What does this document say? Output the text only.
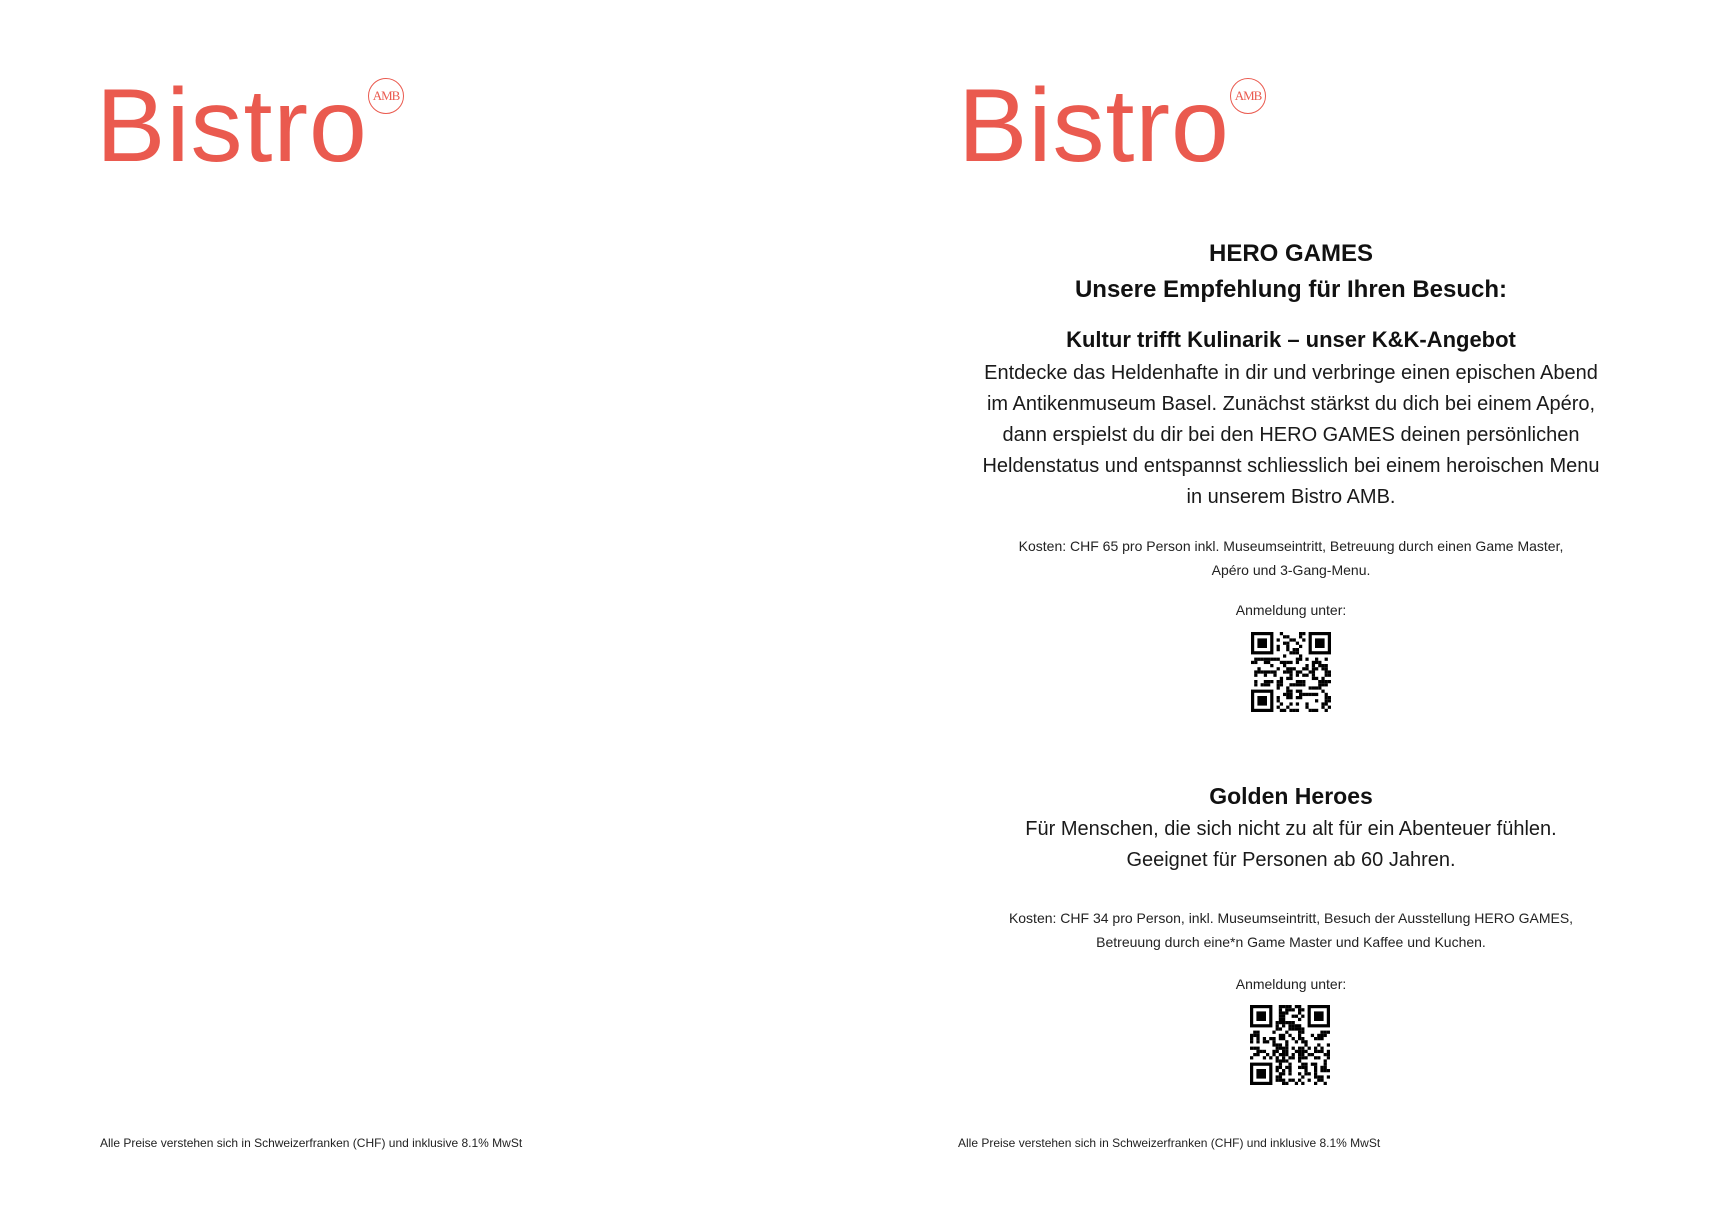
Bistro AMB
Alle Preise verstehen sich in Schweizerfranken (CHF) und inklusive 8.1% MwSt
Bistro AMB
HERO GAMES
Unsere Empfehlung für Ihren Besuch:
Kultur trifft Kulinarik – unser K&K-Angebot
Entdecke das Heldenhafte in dir und verbringe einen epischen Abend
im Antikenmuseum Basel. Zunächst stärkst du dich bei einem Apéro,
dann erspielst du dir bei den HERO GAMES deinen persönlichen
Heldenstatus und entspannst schliesslich bei einem heroischen Menu
in unserem Bistro AMB.
Kosten: CHF 65 pro Person inkl. Museumseintritt, Betreuung durch einen Game Master,
Apéro und 3-Gang-Menu.
Anmeldung unter:
Golden Heroes
Für Menschen, die sich nicht zu alt für ein Abenteuer fühlen.
Geeignet für Personen ab 60 Jahren.
Kosten: CHF 34 pro Person, inkl. Museumseintritt, Besuch der Ausstellung HERO GAMES,
Betreuung durch eine*n Game Master und Kaffee und Kuchen.
Anmeldung unter:
Alle Preise verstehen sich in Schweizerfranken (CHF) und inklusive 8.1% MwSt
